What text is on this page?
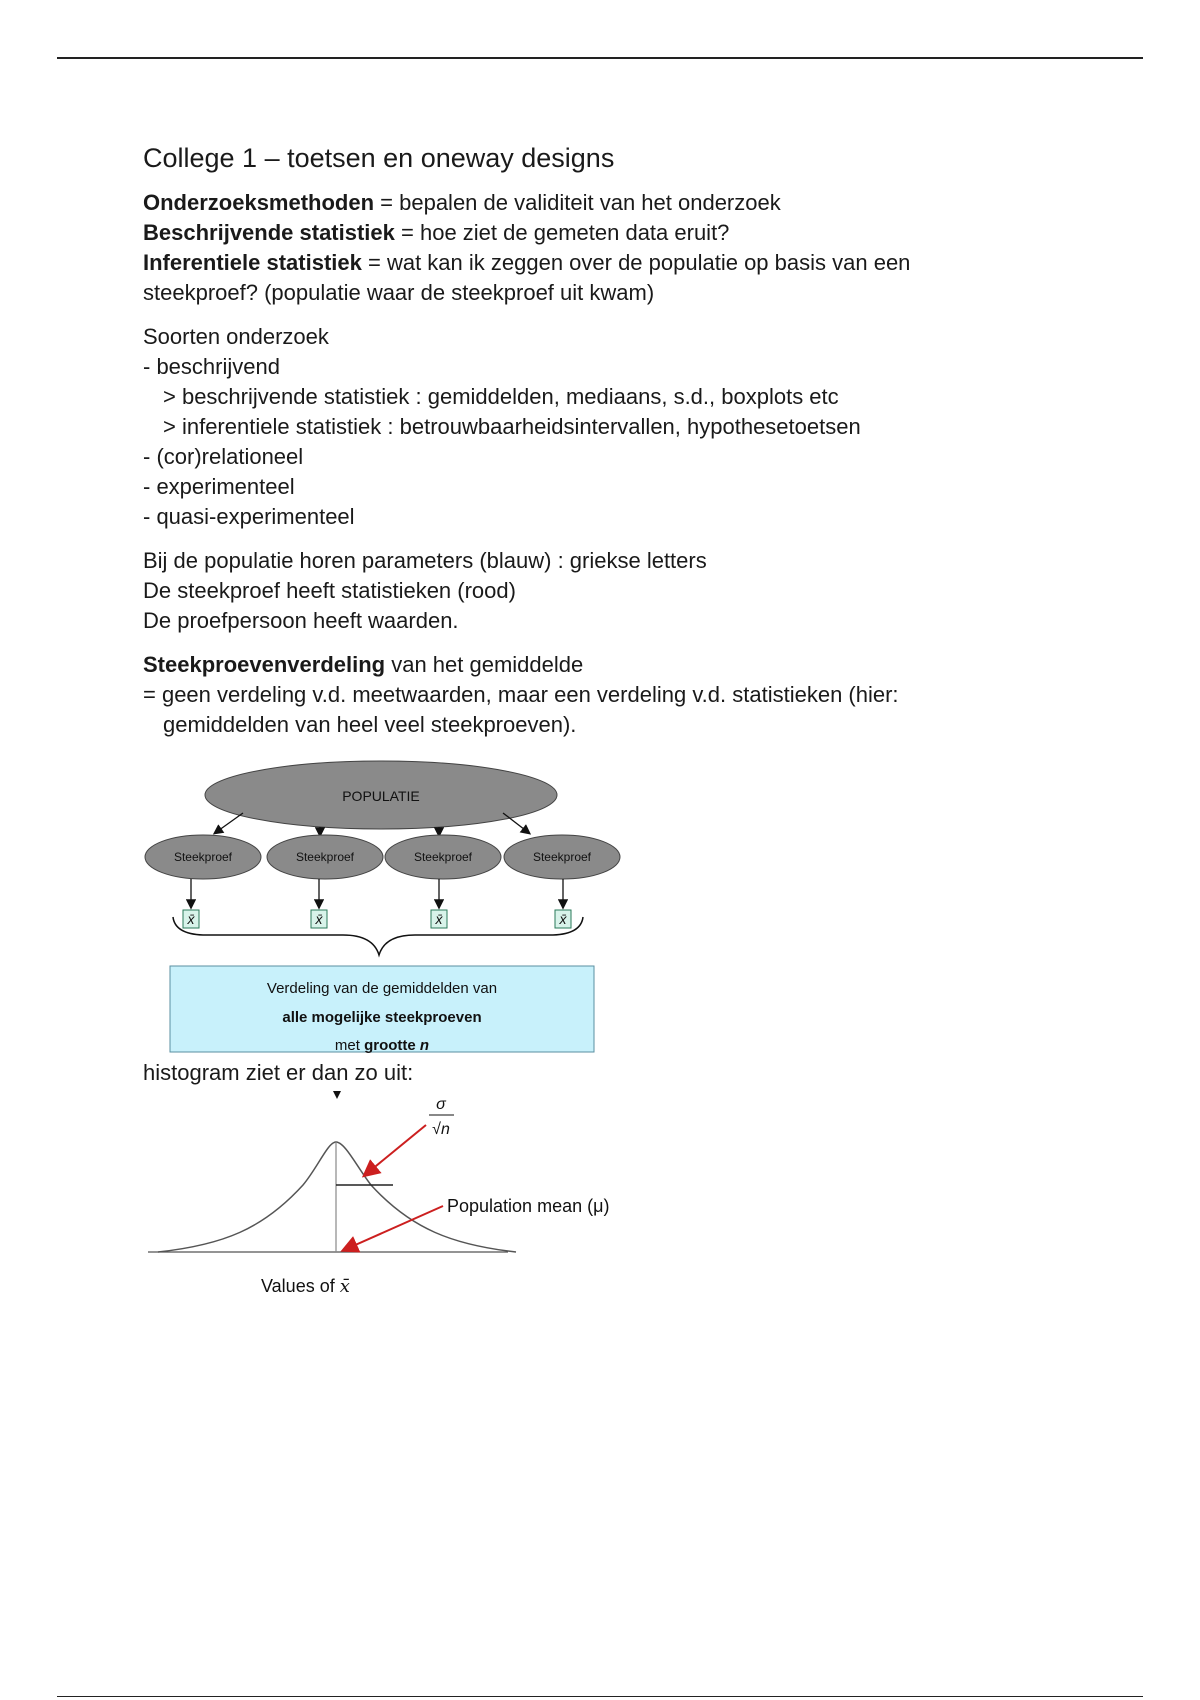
College 1 – toetsen en oneway designs
Onderzoeksmethoden = bepalen de validiteit van het onderzoek
Beschrijvende statistiek = hoe ziet de gemeten data eruit?
Inferentiele statistiek = wat kan ik zeggen over de populatie op basis van een
steekproef? (populatie waar de steekproef uit kwam)
Soorten onderzoek
- beschrijvend
> beschrijvende statistiek : gemiddelden, mediaans, s.d., boxplots etc
> inferentiele statistiek : betrouwbaarheidsintervallen, hypothesetoetsen
- (cor)relationeel
- experimenteel
- quasi-experimenteel
Bij de populatie horen parameters (blauw) : griekse letters
De steekproef heeft statistieken (rood)
De proefpersoon heeft waarden.
Steekproevenverdeling van het gemiddelde
= geen verdeling v.d. meetwaarden, maar een verdeling v.d. statistieken (hier:
gemiddelden van heel veel steekproeven).
POPULATIE
Steekproef	Steekproef	Steekproef	Steekproef
x̄	x̄	x̄	x̄
Verdeling van de gemiddelden van
alle mogelijke steekproeven
met grootte n
histogram ziet er dan zo uit:
σ
√n
Population mean (μ)
Values of x̄
